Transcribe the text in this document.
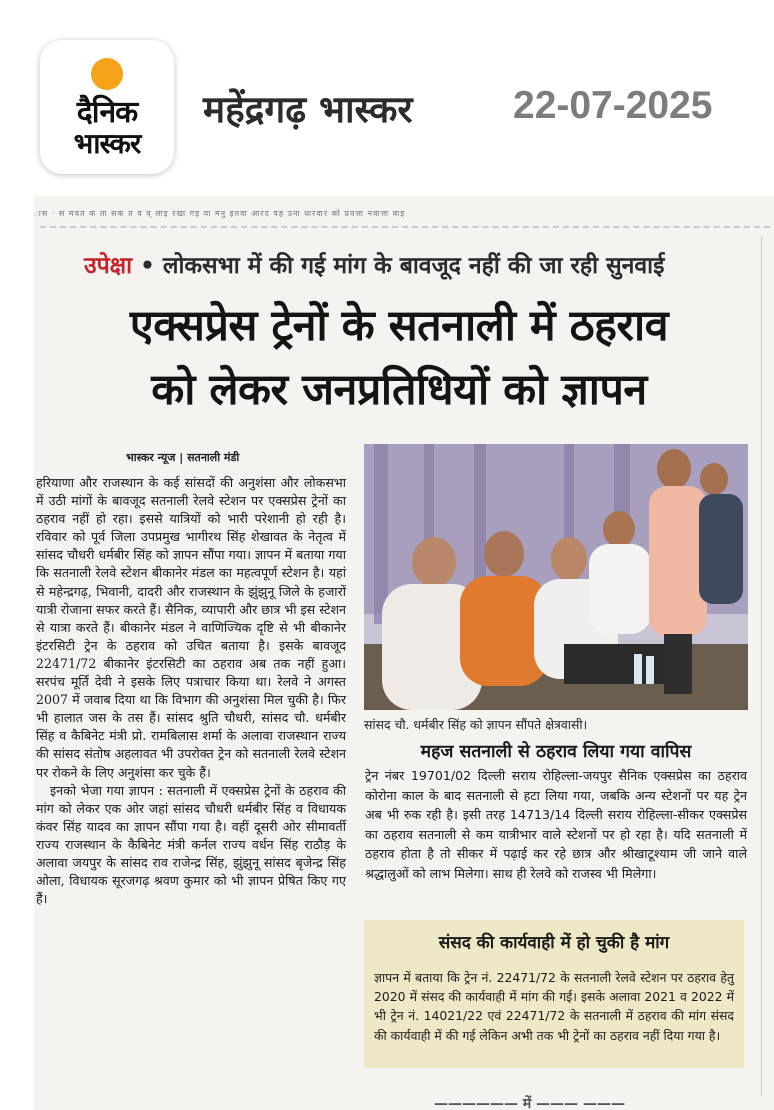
दैनिक
भास्कर
महेंद्रगढ़ भास्कर	22-07-2025
ास · स मवत क ता सक त व व् लाइ रखा गइ या मनु इतवा आरद वह उना धारवार को प्रवत्ता नवात्ता बाइ
उपेक्षा • लोकसभा में की गई मांग के बावजूद नहीं की जा रही सुनवाई
एक्सप्रेस ट्रेनों के सतनाली में ठहराव
को लेकर जनप्रतिधियों को ज्ञापन
भास्कर न्यूज | सतनाली मंडी

हरियाणा और राजस्थान के कई सांसदों की अनुशंसा और लोकसभा में उठी मांगों के बावजूद सतनाली रेलवे स्टेशन पर एक्सप्रेस ट्रेनों का ठहराव नहीं हो रहा। इससे यात्रियों को भारी परेशानी हो रही है। रविवार को पूर्व जिला उपप्रमुख भागीरथ सिंह शेखावत के नेतृत्व में सांसद चौधरी धर्मबीर सिंह को ज्ञापन सौंपा गया। ज्ञापन में बताया गया कि सतनाली रेलवे स्टेशन बीकानेर मंडल का महत्वपूर्ण स्टेशन है। यहां से महेन्द्रगढ़, भिवानी, दादरी और राजस्थान के झुंझुनू जिले के हजारों यात्री रोजाना सफर करते हैं। सैनिक, व्यापारी और छात्र भी इस स्टेशन से यात्रा करते हैं। बीकानेर मंडल ने वाणिज्यिक दृष्टि से भी बीकानेर इंटरसिटी ट्रेन के ठहराव को उचित बताया है। इसके बावजूद 22471/72 बीकानेर इंटरसिटी का ठहराव अब तक नहीं हुआ। सरपंच मूर्ति देवी ने इसके लिए पत्राचार किया था। रेलवे ने अगस्त 2007 में जवाब दिया था कि विभाग की अनुशंसा मिल चुकी है। फिर भी हालात जस के तस हैं। सांसद श्रुति चौधरी, सांसद चौ. धर्मबीर सिंह व कैबिनेट मंत्री प्रो. रामबिलास शर्मा के अलावा राजस्थान राज्य की सांसद संतोष अहलावत भी उपरोक्त ट्रेन को सतनाली रेलवे स्टेशन पर रोकने के लिए अनुशंसा कर चुके हैं।

इनको भेजा गया ज्ञापन : सतनाली में एक्सप्रेस ट्रेनों के ठहराव की मांग को लेकर एक ओर जहां सांसद चौधरी धर्मबीर सिंह व विधायक कंवर सिंह यादव का ज्ञापन सौंपा गया है। वहीं दूसरी ओर सीमावर्ती राज्य राजस्थान के कैबिनेट मंत्री कर्नल राज्य वर्धन सिंह राठौड़ के अलावा जयपुर के सांसद राव राजेन्द्र सिंह, झुंझुनू सांसद बृजेन्द्र सिंह ओला, विधायक सूरजगढ़ श्रवण कुमार को भी ज्ञापन प्रेषित किए गए हैं।

सांसद चौ. धर्मबीर सिंह को ज्ञापन सौंपते क्षेत्रवासी।
महज सतनाली से ठहराव लिया गया वापिस
ट्रेन नंबर 19701/02 दिल्ली सराय रोहिल्ला-जयपुर सैनिक एक्सप्रेस का ठहराव कोरोना काल के बाद सतनाली से हटा लिया गया, जबकि अन्य स्टेशनों पर यह ट्रेन अब भी रुक रही है। इसी तरह 14713/14 दिल्ली सराय रोहिल्ला-सीकर एक्सप्रेस का ठहराव सतनाली से कम यात्रीभार वाले स्टेशनों पर हो रहा है। यदि सतनाली में ठहराव होता है तो सीकर में पढ़ाई कर रहे छात्र और श्रीखाटूश्याम जी जाने वाले श्रद्धालुओं को लाभ मिलेगा। साथ ही रेलवे को राजस्व भी मिलेगा।
संसद की कार्यवाही में हो चुकी है मांग
ज्ञापन में बताया कि ट्रेन नं. 22471/72 के सतनाली रेलवे स्टेशन पर ठहराव हेतु 2020 में संसद की कार्यवाही में मांग की गई। इसके अलावा 2021 व 2022 में भी ट्रेन नं. 14021/22 एवं 22471/72 के सतनाली में ठहराव की मांग संसद की कार्यवाही में की गई लेकिन अभी तक भी ट्रेनों का ठहराव नहीं दिया गया है।
—————— में ——— ———
